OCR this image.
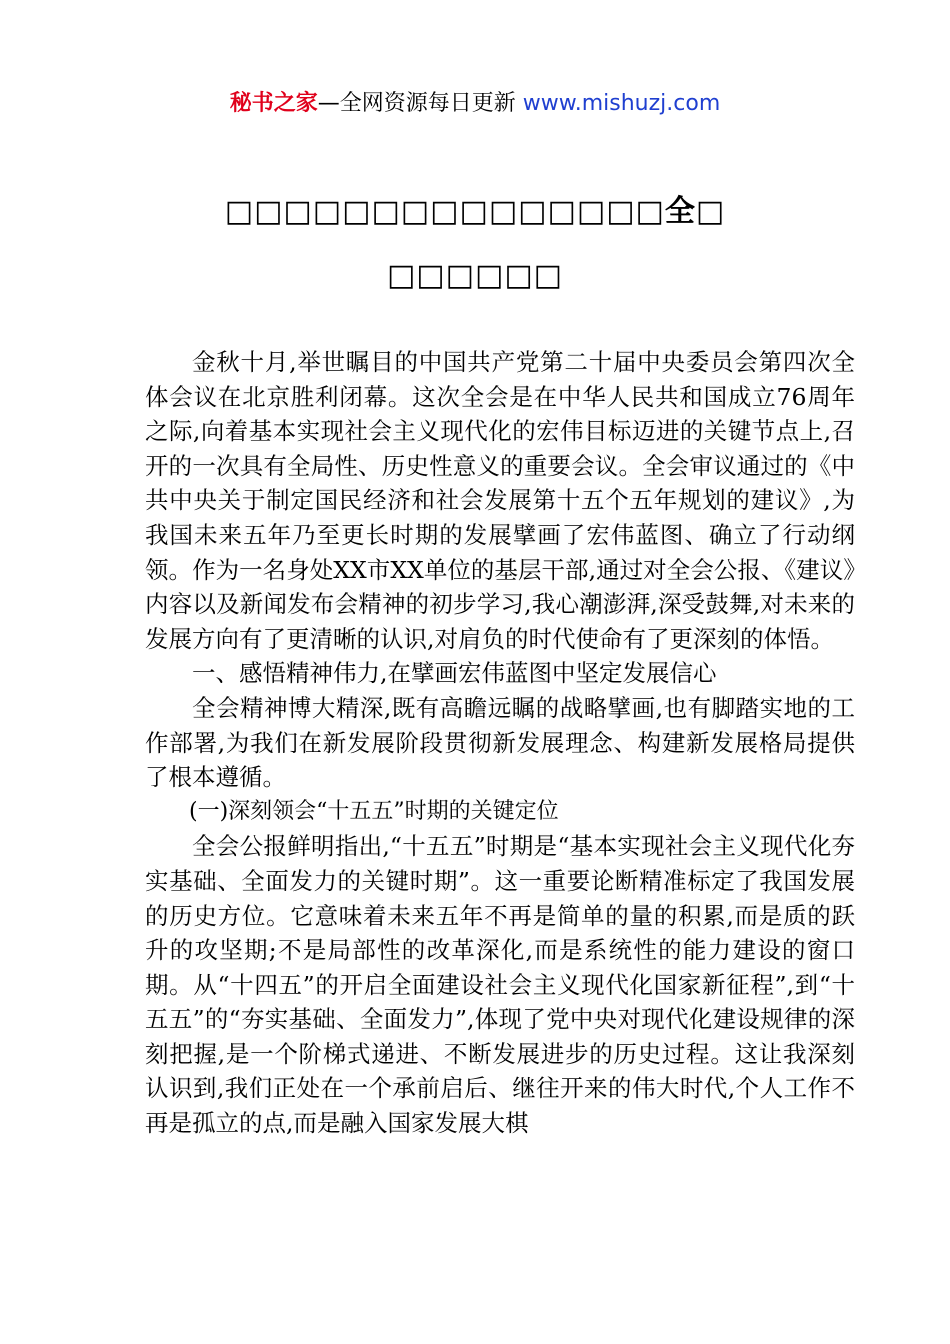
秘书之家—全网资源每日更新 www.mishuzj.com
□□□□□□□□□□□□□□□全□
□□□□□□

金秋十月,举世瞩目的中国共产党第二十届中央委员会第四次全体会议在北京胜利闭幕。这次全会是在中华人民共和国成立76周年之际,向着基本实现社会主义现代化的宏伟目标迈进的关键节点上,召开的一次具有全局性、历史性意义的重要会议。全会审议通过的《中共中央关于制定国民经济和社会发展第十五个五年规划的建议》,为我国未来五年乃至更长时期的发展擘画了宏伟蓝图、确立了行动纲领。作为一名身处XX市XX单位的基层干部,通过对全会公报、《建议》内容以及新闻发布会精神的初步学习,我心潮澎湃,深受鼓舞,对未来的发展方向有了更清晰的认识,对肩负的时代使命有了更深刻的体悟。

一、感悟精神伟力,在擘画宏伟蓝图中坚定发展信心

全会精神博大精深,既有高瞻远瞩的战略擘画,也有脚踏实地的工作部署,为我们在新发展阶段贯彻新发展理念、构建新发展格局提供了根本遵循。

(一)深刻领会“十五五”时期的关键定位

全会公报鲜明指出,“十五五”时期是“基本实现社会主义现代化夯实基础、全面发力的关键时期”。这一重要论断精准标定了我国发展的历史方位。它意味着未来五年不再是简单的量的积累,而是质的跃升的攻坚期;不是局部性的改革深化,而是系统性的能力建设的窗口期。从“十四五”的开启全面建设社会主义现代化国家新征程”,到“十五五”的“夯实基础、全面发力”,体现了党中央对现代化建设规律的深刻把握,是一个阶梯式递进、不断发展进步的历史过程。这让我深刻认识到,我们正处在一个承前启后、继往开来的伟大时代,个人工作不再是孤立的点,而是融入国家发展大棋
